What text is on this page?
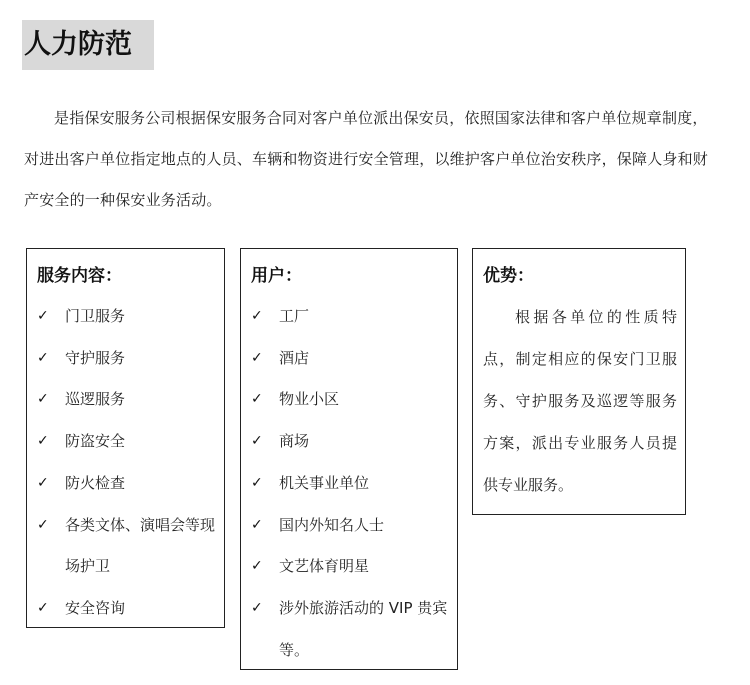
人力防范

是指保安服务公司根据保安服务合同对客户单位派出保安员，依照国家法律和客户单位规章制度，对进出客户单位指定地点的人员、车辆和物资进行安全管理，以维护客户单位治安秩序，保障人身和财产安全的一种保安业务活动。

服务内容：
✓ 门卫服务
✓ 守护服务
✓ 巡逻服务
✓ 防盗安全
✓ 防火检查
✓ 各类文体、演唱会等现场护卫
✓ 安全咨询
用户：
✓ 工厂
✓ 酒店
✓ 物业小区
✓ 商场
✓ 机关事业单位
✓ 国内外知名人士
✓ 文艺体育明星
✓ 涉外旅游活动的 VIP 贵宾等。
优势：

根据各单位的性质特点，制定相应的保安门卫服务、守护服务及巡逻等服务方案，派出专业服务人员提供专业服务。
